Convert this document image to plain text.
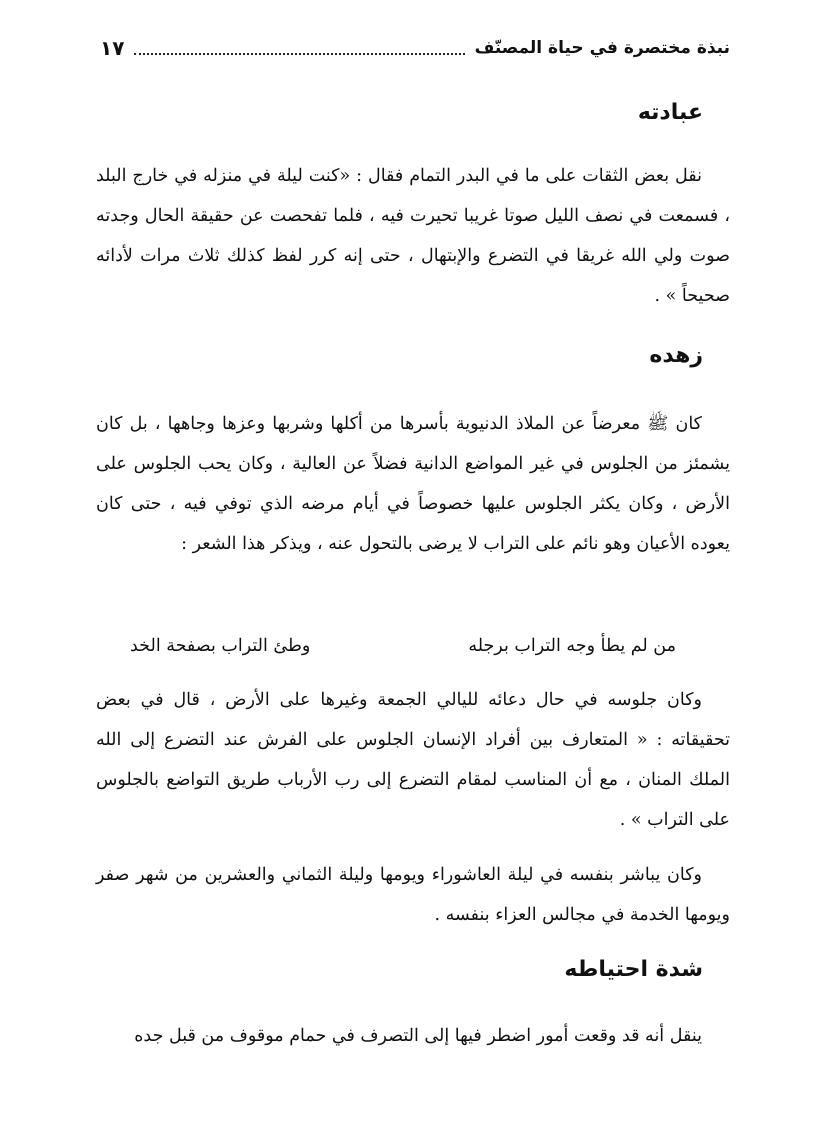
نبذة مختصرة في حياة المصنّف
١٧
عبادته

نقل بعض الثقات على ما في البدر التمام فقال : «كنت ليلة في منزله في خارج البلد ، فسمعت في نصف الليل صوتا غريبا تحيرت فيه ، فلما تفحصت عن حقيقة الحال وجدته صوت ولي الله غريقا في التضرع والإبتهال ، حتى إنه كرر لفظ كذلك ثلاث مرات لأدائه صحيحاً » .

زهده

كان ﷺ معرضاً عن الملاذ الدنيوية بأسرها من أكلها وشربها وعزها وجاهها ، بل كان يشمئز من الجلوس في غير المواضع الدانية فضلاً عن العالية ، وكان يحب الجلوس على الأرض ، وكان يكثر الجلوس عليها خصوصاً في أيام مرضه الذي توفي فيه ، حتى كان يعوده الأعيان وهو نائم على التراب لا يرضى بالتحول عنه ، ويذكر هذا الشعر :

من لم يطأ وجه التراب برجله
وطئ التراب بصفحة الخد

وكان جلوسه في حال دعائه لليالي الجمعة وغيرها على الأرض ، قال في بعض تحقيقاته : « المتعارف بين أفراد الإنسان الجلوس على الفرش عند التضرع إلى الله الملك المنان ، مع أن المناسب لمقام التضرع إلى رب الأرباب طريق التواضع بالجلوس على التراب » .

وكان يباشر بنفسه في ليلة العاشوراء ويومها وليلة الثماني والعشرين من شهر صفر ويومها الخدمة في مجالس العزاء بنفسه .

شدة احتياطه

ينقل أنه قد وقعت أمور اضطر فيها إلى التصرف في حمام موقوف من قبل جده
